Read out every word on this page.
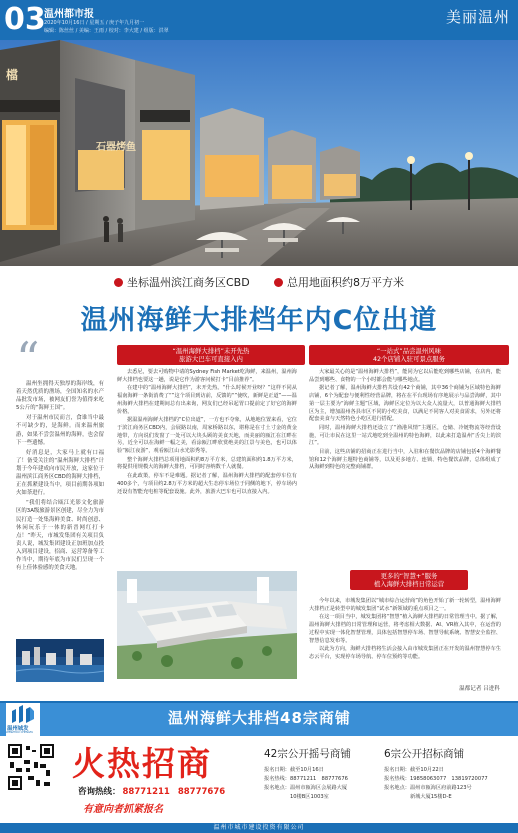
03
温州都市报
2020年10月16日 / 星期五 / 庚子年九月初一
编辑：陈丝丝 / 美编：王雨 / 校对：李大建 / 组版：洪翠
美丽温州
石器烤鱼
檔
坐标温州滨江商务区CBD	总用地面积约8万平方米
温州海鲜大排档年内C位出道
“

温州坐拥得天独厚的海岸线，有着天然优质的渔场，全国知名的水产品批发市场，被网友们誉为值得来吃5公斤的“海鲜王国”。

对于温州市民而言，食谁当中最不可缺少的，是海鲜。而来温州旅游，如果不尝尝温州的海鲜，也会留下一些遗憾。

好消息是，大家马上就有口福了！备受关注的“温州海鲜大排档”计划于今年建成向市民开放，这家位于温州滨江商务区CBD的海鲜大排档，正在抓紧建设当中，项目前期各项如火如荼进行。

“我们将结合瓯江光影文化旅游区的3A级旅游景区创建，尽全力为市民打造一处集海鲜美食、时尚创意、休闲玩乐于一体的新晋网红打卡点！”昨天，市城发集团有关项目负责人说，城发集团建设正加班加点投入到项目建设，招商、运营筹备等工作当中，期待年底为市民们呈现一个有上佳体验感的美食天地。

“温州海鲜大排档”未开先热
旅游大巴车可直接入内

去悉尼，要去可购物中请的Sydney Fish Market吃海鲜，来温州，温州海鲜大排档也要这一趟，说是它作为游客问候打卡“目前推荐”。

在建中的“温州海鲜大排档”，未开先热。“什么时候开业呀？”这样不同从福南海鲜一条街消费了“”这个项目到访前，反馈的“”使吹，新鲜是正道”——温州海鲜大排档在建期间总有出来询，网友们已经吊起胃口提前定了好它的海鲜价格。

据温温州海鲜大排档的“C位出道”，一方也不夺象，从地地位置来看，它位于滨江商务区CBD内，会展路以南，周家桥路以东，堪称是在寸土寸金的黄金地带，方向说们发窗了一处可以大块头顾的美食天地，而美丽的瓯江在江畔在另，近全可以在海鲜一幅之美，看涂瓯江畔欣赏绝美的江景与美色，也可以体验“瓯江夜游”，观看瓯江山水光影秀等。

整个海鲜大排档总项用地面积约8万平方米，总建筑面积约1.8万平方米，将提供用规模大的海鲜大排档，可同时容纳数千人就餐。

在此政策，停车不是难题。据记者了解，温州海鲜大排档的配套停车位有400多个，与项目约2.8万平方米的超大生态停车场位于同侧的地下，停车场内还设有智能充电桩等配套设施。此外，旅游大巴车也可以直接入内。

“一站式”品尝温州风味
42个店铺入驻可景点服务

大家最关心的是“温州海鲜大排档”，能同为它以后能吃到哪些店铺，在店内，能品尝到哪些、食物的一个小时都会能与哪些地点。

据记者了解，温州海鲜大排档共设有42个商铺，其中36个商铺为区域特色海鲜店铺，6个为配套与便利性经营品牌，将在在平台现场有序地展示与品尝海鲜，其中第一层主要为“海鲜主题”区域，海鲜区定位为以大众人流量大，以普通海鲜大排档区为主，增加温州各县市区不同的小吃美食，以满足不同客人对美食需求，另外还将配套美食与天然特色小吃区进行搭配。

同时，温州海鲜大排档还设立了“渔港风情”主题区，仓储、冷链物流等经营设施，可让市民在这里一站式地吃到全温州的特色海鲜，以此来打造温州“舌尖上的滨江”。

目前，这些店铺的招商正在进行当中，入驻和在餐饮品牌的店铺包括4个海鲜餐馆和12个海鲜主题特色商铺等，以及更多地方、连锁、特色餐饮品牌，总体组成了从海鲜到特色的完整商铺群。

更多的“智慧+”服务
植入海鲜大排档日常运营

今年以来，市城发集团以“城市综合运营商”的角色开始了新一轮转型，温州海鲜大排档正是转型中的城发集团“试水”新领域的重点项目之一。

在这一项目当中，城发集团将“智慧”植入海鲜大排档的日常管理当中。据了解，温州海鲜大排档的日常管理和运营，将考虑相大数据、AI、VR植入其中，在运营的过程中实现一体化智慧管理，具体包括智慧停车场、智慧导航系统、智慧安全监控、智慧信息发布等。

以此为方向，海鲜大排档将生活会接入由市城发集团正在开发的温州智慧停车生态云平台，实现停车场导航、停车位预约等功能。

温都记者 吕进科
温州城发
WENZHOU CHENGFA
温州海鲜大排档48宗商铺
火热招商
咨询热线： 88771211 88777676
有意向者抓紧报名
42宗公开摇号商铺
报名日期：截至10月16日
报名热线：88771211　88777676
报名地点：温州市瓯海区会展路大厦
　　　　　10楼B区1003室
6宗公开招标商铺
报名日期：截至10月22日
报名热线：19858063077　13819720077
报名地点：温州市瓯海区府前路123号
　　　　　新城大厦15楼D-E
温州市城市建设投资有限公司
